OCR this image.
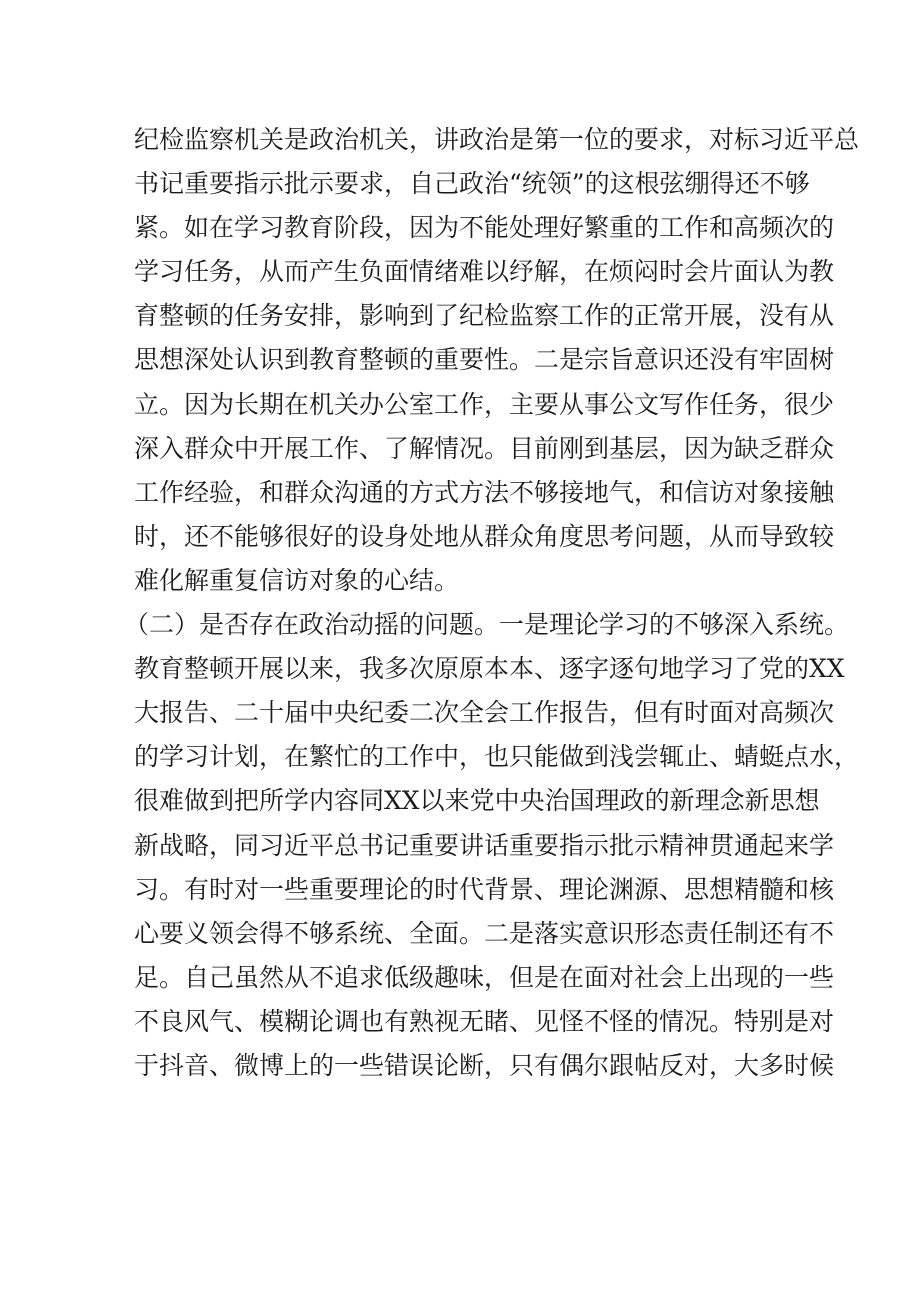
纪检监察机关是政治机关，讲政治是第一位的要求，对标习近平总
书记重要指示批示要求，自己政治“统领”的这根弦绷得还不够
紧。如在学习教育阶段，因为不能处理好繁重的工作和高频次的
学习任务，从而产生负面情绪难以纾解，在烦闷时会片面认为教
育整顿的任务安排，影响到了纪检监察工作的正常开展，没有从
思想深处认识到教育整顿的重要性。二是宗旨意识还没有牢固树
立。因为长期在机关办公室工作，主要从事公文写作任务，很少
深入群众中开展工作、了解情况。目前刚到基层，因为缺乏群众
工作经验，和群众沟通的方式方法不够接地气，和信访对象接触
时，还不能够很好的设身处地从群众角度思考问题，从而导致较
难化解重复信访对象的心结。
（二）是否存在政治动摇的问题。一是理论学习的不够深入系统。
教育整顿开展以来，我多次原原本本、逐字逐句地学习了党的XX
大报告、二十届中央纪委二次全会工作报告，但有时面对高频次
的学习计划，在繁忙的工作中，也只能做到浅尝辄止、蜻蜓点水，
很难做到把所学内容同XX以来党中央治国理政的新理念新思想
新战略，同习近平总书记重要讲话重要指示批示精神贯通起来学
习。有时对一些重要理论的时代背景、理论渊源、思想精髓和核
心要义领会得不够系统、全面。二是落实意识形态责任制还有不
足。自己虽然从不追求低级趣味，但是在面对社会上出现的一些
不良风气、模糊论调也有熟视无睹、见怪不怪的情况。特别是对
于抖音、微博上的一些错误论断，只有偶尔跟帖反对，大多时候
